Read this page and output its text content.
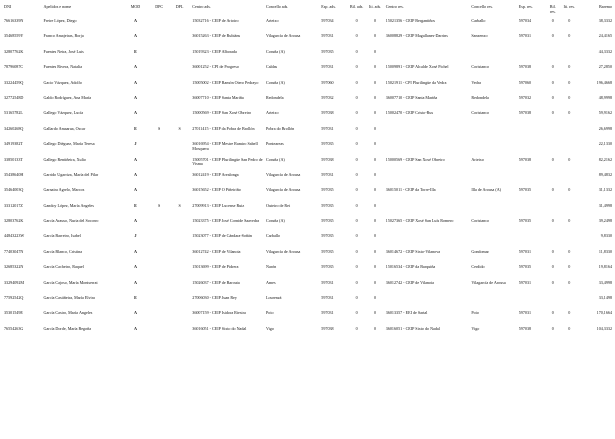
DNI	Apelidos e nome	MOD	DPC	DPL	Centro ads.	Concello ads.	Esp. ads.	Bil. ads.	Iti. ads.	Centro res.	Concello res.	Esp. res.	Bil. res.	Iti. res.	Baremo
76616339N	Freire López, Diego	A			15032716 - CEIP de Artoiro	Arteixo	597034	0	0	15021356 - CEIP Bergantiños	Carballo	597034	0	0	38,3332
35468559Y	Franco Amajeiras, Borja	A			36015263 - CEIP de Rubiáns	Vilagarcía de Arousa	597031	0	0	36008829 - CEIP Magallanes-Darrins	Sanxenxo	597031	0	0	24,4165
32807762K	Fuentes Neira, José Luis	E			15019323 - CEIP Alborada	Coruña (A)	597035	0	0						44,3332
78796087C	Fuentes Rivera, Natalia	A			36001252 - CPI de Progreso	Caldas	597031	0	0	15009891 - CEIP Alcalde Xosé Pichel	Coristanco	597038	0	0	27,2850
33224459Q	Gacio Vázquez, Adolfo	A			15005002 - CEIP Ramón Otero Pedrayo	Coruña (A)	597060	0	0	15021911 - CPI Plurilingüe da Vedra	Vedra	597060	0	0	196,4668
32772548D	Galdo Rodríguez, Ana María	A			36007710 - CEIP Santa Mariña	Redondela	597032	0	0	36007710 - CEIP Santa Mariña	Redondela	597032	0	0	48,9998
53165782L	Gallego Vázquez, Lucía	A			15000569 - CEIP San Xosé Obreiro	Arteixo	597038	0	0	15002470 - CEIP Cristo-Rus	Coristanco	597038	0	0	59,9162
34260268Q	Gallardo Amaarua, Óscar	E	S	S	27011415 - CEIP da Pobra de Brollón	Pobra do Brollón	597031	0	0						26,6998
34919382T	Gallego Diéguez, María Teresa	J			36016954 - CEIP Mestre Ramiro Sabell Mosquera	Ponteareas	597035	0	0						22,1330
33850133T	Gallego Rentiñeira, Xulio	A			15005701 - CEIP Plurilingüe San Pedro de Visma	Coruña (A)	597038	0	0	15000569 - CEIP San Xosé Obreiro	Arteixo	597038	0	0	82,2162
35438640H	Garrido Ugarriza, María del Pilar	A			36012419 - CEIP Arealonga	Vilagarcía de Arousa	597031	0	0						89,4832
35464003Q	Garnaira Agrelo, Marcos	A			36015652 - CEIP O Piñeiriño	Vilagarcía de Arousa	597035	0	0	36015011 - CEIP da Torre-Illa	Illa de Arousa (A)	597035	0	0	31,1332
33312017Z	Gandoy López, María Ángeles	E	S	S	27009913 - CEIP Lucense Ruiz	Outeiro de Rei	597035	0	0						31,4998
32803762K	García Arauso, Nuria del Socorro	A			15023375 - CEIP José Cornide Saavedra	Coruña (A)	597035	0	0	15027365 - CEIP Xosé San Luís Romero	Coristanco	597035	0	0	39,2498
44843223W	García Barreiro, Isabel	J			15023077 - CEIP de Cándara-Soñán	Carballo	597035	0	0						9,8330
77403047N	García Blanco, Cristina	A			36012742 - CEIP de Vilanoia	Vilagarcía de Arousa	597035	0	0	36014672 - CEIP Sixto-Vilanova	Gondomar	597031	0	0	11,8330
32685322N	García Cacheiro, Raquel	A			15013699 - CEIP de Pidrera	Narón	597035	0	0	15016534 - CEIP da Barquiña	Cerdido	597035	0	0	19,8164
33294092M	García Cajoso, María Montserrat	A			15026037 - CEIP de Barouta	Ames	597031	0	0	36012742 - CEIP de Vilanoia	Vilagarcía de Arousa	597031	0	0	33,4998
77592542Q	García Castiñeira, María Elvira	E			27006030 - CEIP Juan Rey	Lourenzá	597031	0	0						33,1498
35301549E	García Castro, María Ángeles	A			36007159 - CEIP Isidora Riestra	Poio	597031	0	0	36013357 - EEI de Sartal	Poio	597031	0	0	170,1664
76554263G	García Dorde, María Begoña	A			36016051 - CEIP Sixto do Nadal	Vigo	597038	0	0	36016051 - CEIP Sixto do Nadal	Vigo	597038	0	0	104,3332
